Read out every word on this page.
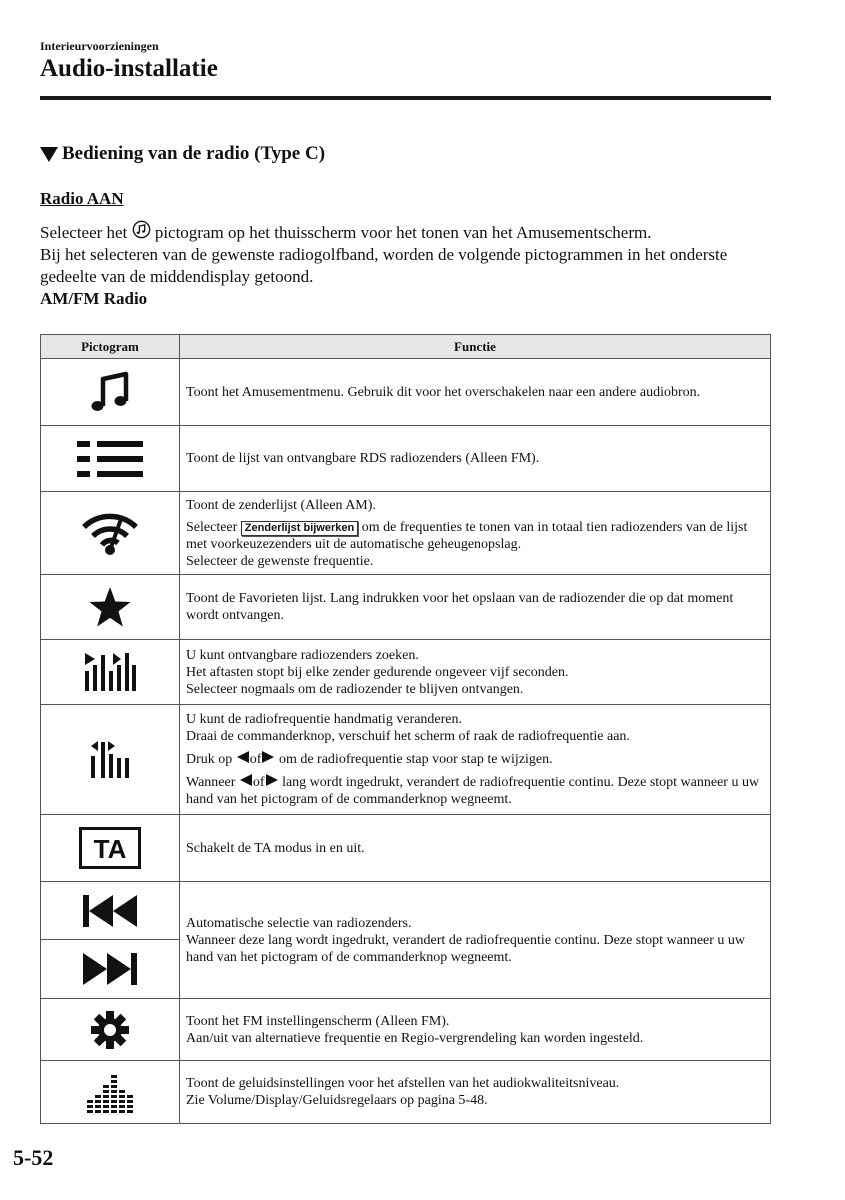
Interieurvoorzieningen
Audio-installatie
Bediening van de radio (Type C)
Radio AAN

Selecteer het pictogram op het thuisscherm voor het tonen van het Amusementscherm.

Bij het selecteren van de gewenste radiogolfband, worden de volgende pictogrammen in het onderste gedeelte van de middendisplay getoond.

AM/FM Radio
Pictogram	Functie

Toont het Amusementmenu. Gebruik dit voor het overschakelen naar een andere audiobron.

Toont de lijst van ontvangbare RDS radiozenders (Alleen FM).

Toont de zenderlijst (Alleen AM).
Selecteer Zenderlijst bijwerken om de frequenties te tonen van in totaal tien radiozenders van de lijst met voorkeuzezenders uit de automatische geheugenopslag.
Selecteer de gewenste frequentie.

Toont de Favorieten lijst. Lang indrukken voor het opslaan van de radiozender die op dat moment wordt ontvangen.

U kunt ontvangbare radiozenders zoeken.
Het aftasten stopt bij elke zender gedurende ongeveer vijf seconden.
Selecteer nogmaals om de radiozender te blijven ontvangen.

U kunt de radiofrequentie handmatig veranderen.
Draai de commanderknop, verschuif het scherm of raak de radiofrequentie aan.
Druk op of om de radiofrequentie stap voor stap te wijzigen.
Wanneer of lang wordt ingedrukt, verandert de radiofrequentie continu. Deze stopt wanneer u uw hand van het pictogram of de commanderknop wegneemt.

TA	Schakelt de TA modus in en uit.

Automatische selectie van radiozenders.
Wanneer deze lang wordt ingedrukt, verandert de radiofrequentie continu. Deze stopt wanneer u uw hand van het pictogram of de commanderknop wegneemt.

Toont het FM instellingenscherm (Alleen FM).
Aan/uit van alternatieve frequentie en Regio-vergrendeling kan worden ingesteld.

Toont de geluidsinstellingen voor het afstellen van het audiokwaliteitsniveau.
Zie Volume/Display/Geluidsregelaars op pagina 5-48.
5-52
